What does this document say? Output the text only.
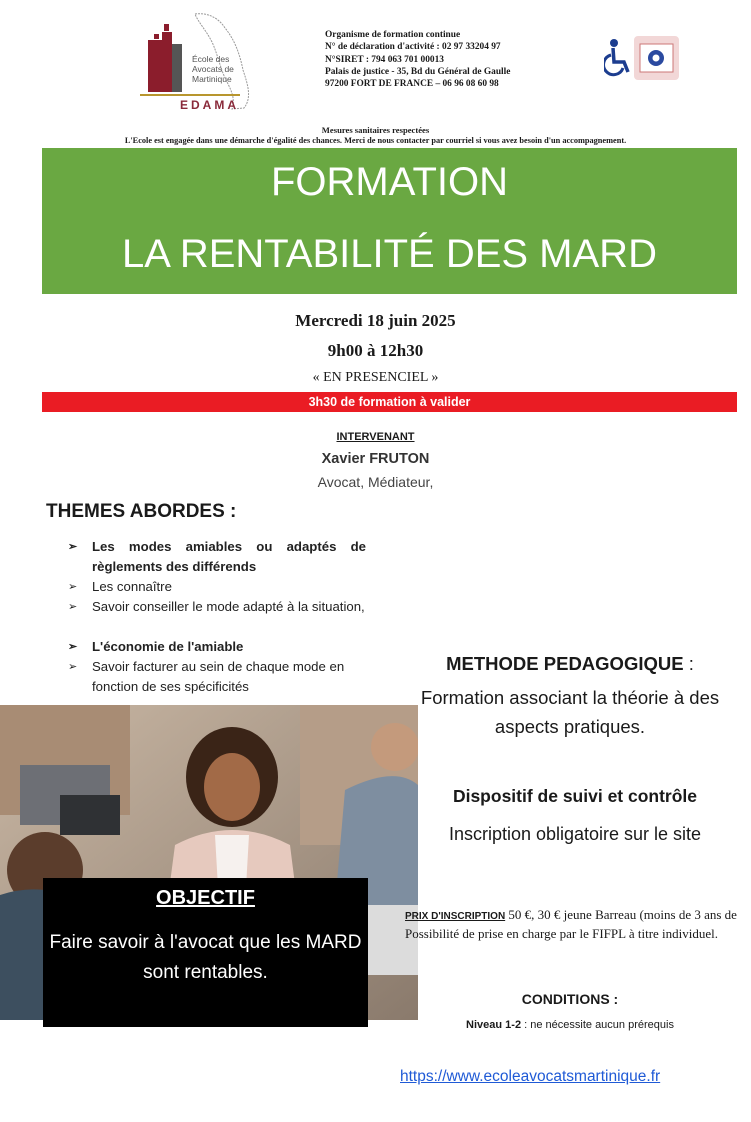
École des
Avocats de
Martinique
EDAMA
Organisme de formation continue
N° de déclaration d'activité : 02 97 33204 97
N°SIRET : 794 063 701 00013
Palais de justice - 35, Bd du Général de Gaulle
97200 FORT DE FRANCE – 06 96 08 60 98
Mesures sanitaires respectées
L'Ecole est engagée dans une démarche d'égalité des chances. Merci de nous contacter par courriel si vous avez besoin d'un accompagnement.
FORMATION
LA RENTABILITÉ DES MARD
Mercredi 18 juin 2025
9h00 à 12h30
« EN PRESENCIEL »
3h30 de formation à valider
INTERVENANT
Xavier FRUTON
Avocat, Médiateur,
THEMES ABORDES :
➢ Les modes amiables ou adaptés de règlements des différends
➢ Les connaître
➢ Savoir conseiller le mode adapté à la situation,
➢ L'économie de l'amiable
➢ Savoir facturer au sein de chaque mode en fonction de ses spécificités
OBJECTIF
Faire savoir à l'avocat que les MARD sont rentables.
METHODE PEDAGOGIQUE :
Formation associant la théorie à des aspects pratiques.
Dispositif de suivi et contrôle
Inscription obligatoire sur le site
PRIX D'INSCRIPTION 50 €, 30 € jeune Barreau (moins de 3 ans de Possibilité de prise en charge par le FIFPL à titre individuel.
CONDITIONS :
Niveau 1-2 : ne nécessite aucun prérequis
https://www.ecoleavocatsmartinique.fr
